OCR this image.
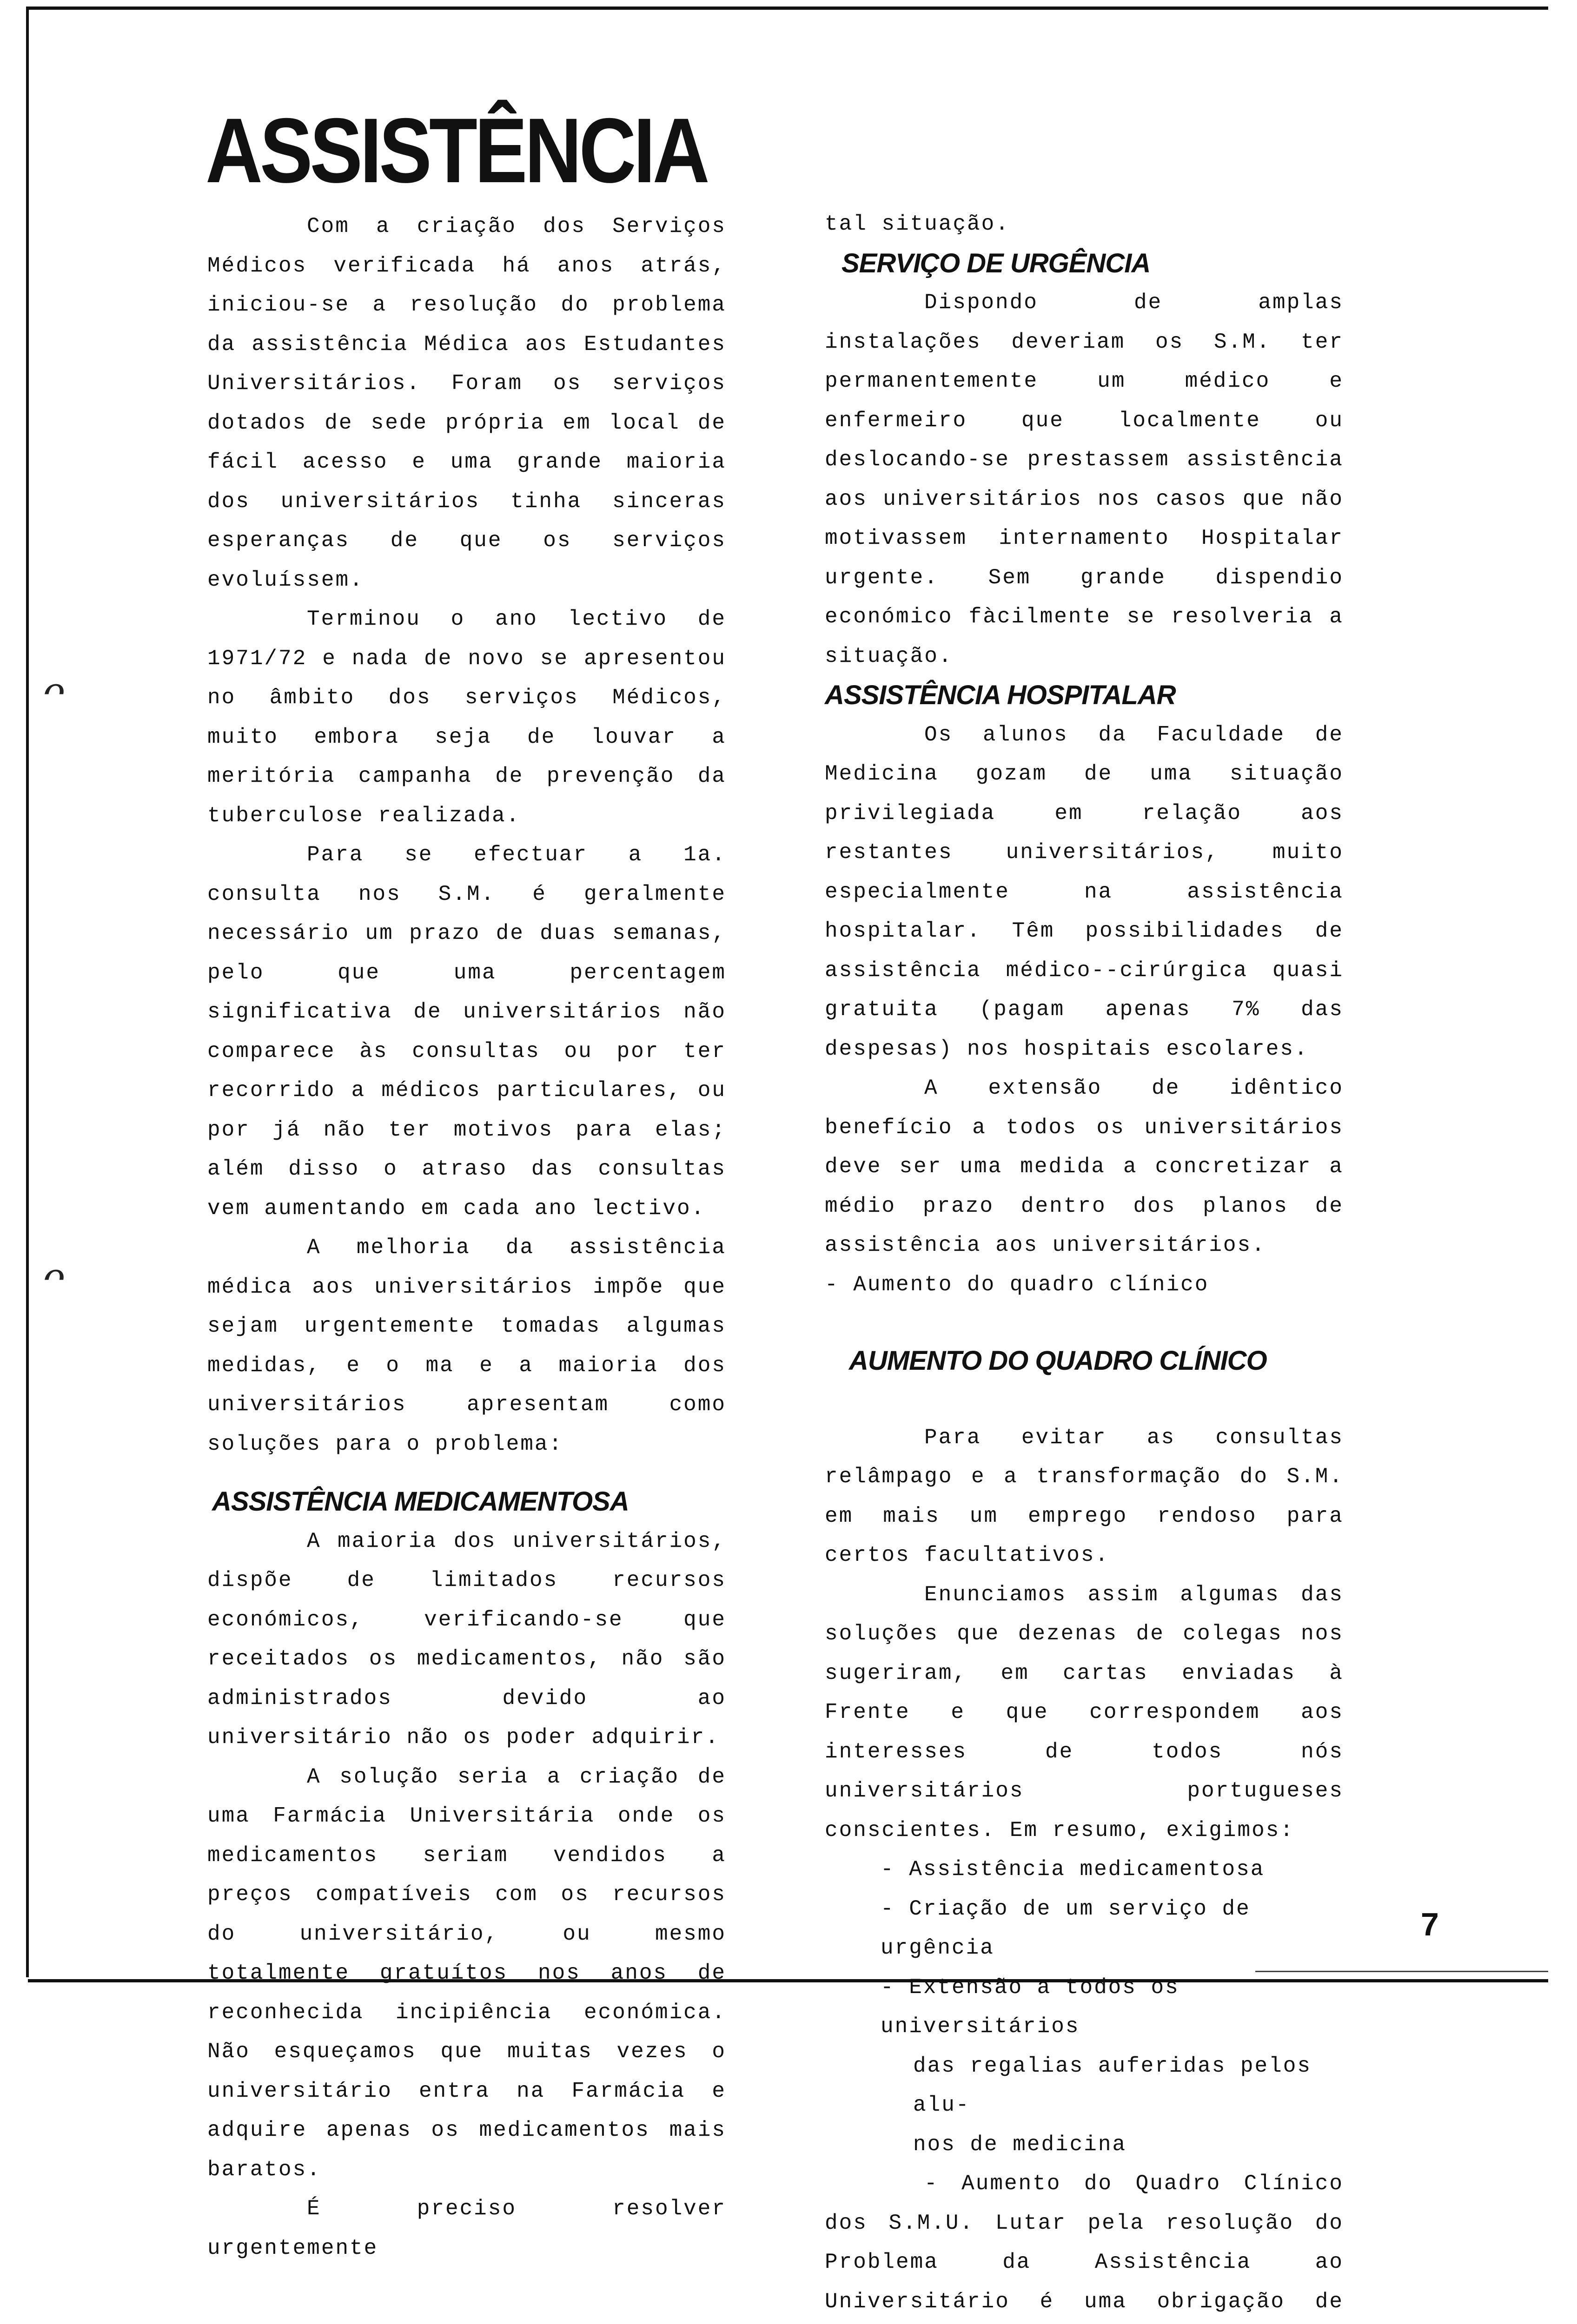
ᴖ
ᴖ
ASSISTÊNCIA

Com a criação dos Serviços Médicos verificada há anos atrás, iniciou-se a resolução do problema da assistência Médica aos Estudantes Universitários. Foram os serviços dotados de sede própria em local de fácil acesso e uma grande maioria dos universitários tinha sinceras esperanças de que os serviços evoluíssem.

Terminou o ano lectivo de 1971/72 e nada de novo se apresentou no âmbito dos serviços Médicos, muito embora seja de louvar a meritória campanha de prevenção da tuberculose realizada.

Para se efectuar a 1a. consulta nos S.M. é geralmente necessário um prazo de duas semanas, pelo que uma percentagem significativa de universitários não comparece às consultas ou por ter recorrido a médicos particulares, ou por já não ter motivos para elas; além disso o atraso das consultas vem aumentando em cada ano lectivo.

A melhoria da assistência médica aos universitários impõe que sejam urgentemente tomadas algumas medidas, e o ma e a maioria dos universitários apresentam como soluções para o problema:

ASSISTÊNCIA MEDICAMENTOSA

A maioria dos universitários, dispõe de limitados recursos económicos, verificando-se que receitados os medicamentos, não são administrados devido ao universitário não os poder adquirir.

A solução seria a criação de uma Farmácia Universitária onde os medicamentos seriam vendidos a preços compatíveis com os recursos do universitário, ou mesmo totalmente gratuítos nos anos de reconhecida incipiência económica. Não esqueçamos que muitas vezes o universitário entra na Farmácia e adquire apenas os medicamentos mais baratos.

É preciso resolver urgentemente

tal situação.

SERVIÇO DE URGÊNCIA

Dispondo de amplas instalações deveriam os S.M. ter permanentemente um médico e enfermeiro que localmente ou deslocando-se prestassem assistência aos universitários nos casos que não motivassem internamento Hospitalar urgente. Sem grande dispendio económico fàcilmente se resolveria a situação.

ASSISTÊNCIA HOSPITALAR

Os alunos da Faculdade de Medicina gozam de uma situação privilegiada em relação aos restantes universitários, muito especialmente na assistência hospitalar. Têm possibilidades de assistência médico--cirúrgica quasi gratuita (pagam apenas 7% das despesas) nos hospitais escolares.

A extensão de idêntico benefício a todos os universitários deve ser uma medida a concretizar a médio prazo dentro dos planos de assistência aos universitários.

- Aumento do quadro clínico

AUMENTO DO QUADRO CLÍNICO

Para evitar as consultas relâmpago e a transformação do S.M. em mais um emprego rendoso para certos facultativos.

Enunciamos assim algumas das soluções que dezenas de colegas nos sugeriram, em cartas enviadas à Frente e que correspondem aos interesses de todos nós universitários portugueses conscientes. Em resumo, exigimos:

- Assistência medicamentosa

- Criação de um serviço de urgência

- Extensão a todos os universitários

das regalias auferidas pelos alu-

nos de medicina

- Aumento do Quadro Clínico dos S.M.U. Lutar pela resolução do Problema da Assistência ao Universitário é uma obrigação de

7
